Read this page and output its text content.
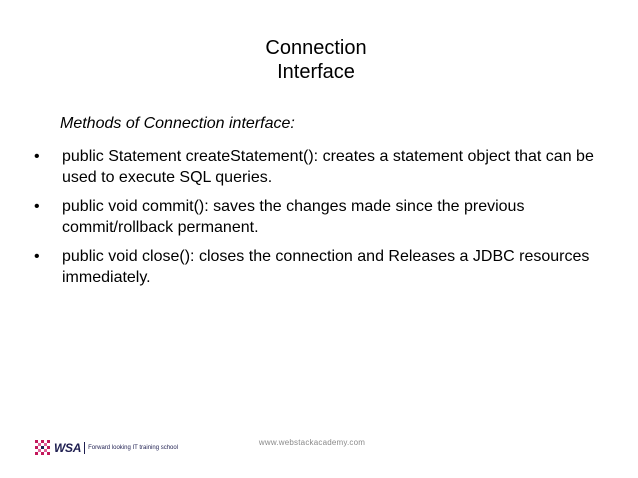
Connection
Interface
Methods of Connection interface:
• public Statement createStatement(): creates a statement object that can be used to execute SQL queries.
• public void commit(): saves the changes made since the previous commit/rollback permanent.
• public void close(): closes the connection and Releases a JDBC resources immediately.
WSA Forward looking IT training school
www.webstackacademy.com
